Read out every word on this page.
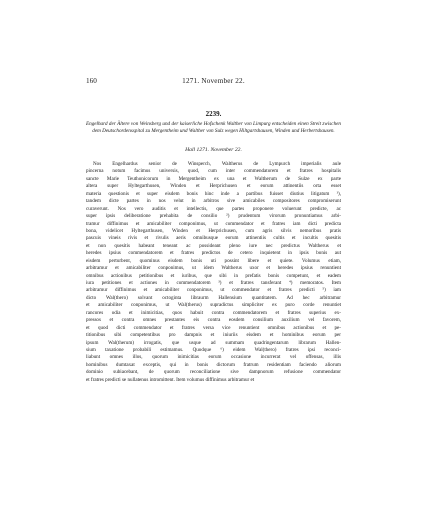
160	1271. November 22.
2239.

Engelhard der Ältere von Weinsberg und der kaiserliche Hofschenk Walther von Limpurg entscheiden einen Streit zwischen dem Deutschordensspital zu Mergentheim und Walther von Sulz wegen Hiltgartshausen, Winden und Herbertshausen.

Hall 1271. November 22.
Nos Engelhardus senior de Winsperch, Waltherus de Lympurch imperialis aule
pincerna notum facimus universis, quod, cum inter commendatorem et fratres hospitalis
sancte Marie Teuthonicorum in Mergentheim ex una et Waltherum de Sulze ex parte
altera super Hyltegarthusen, Winden et Herprichusen et eorum attinentiis orta esset
materia questionis et super eisdem bonis hinc inde a partibus fuisset diutius litigatum ¹),
tandem dicte partes in nos velut in arbitros sive amicabiles compositores compromiserunt
curaverunt. Nos vero auditis et intellectis, que partes proponere voluerunt predicte, ac
super ipsis deliberatione prehabita de consilio ²) prudentum virorum pronuntiamus arbi-
tramur diffinimus et amicabiliter componimus, ut commendator et fratres iam dicti predicta
bona, videlicet Hyltegarthusen, Winden et Herprichusen, cum agris silvis nemoribus pratis
pascuis vineis rivis et rivulis aeris omnibusque eorum attinentiis cultis et incultis quesitis
et non quesitis habeant teneant ac possideant pleno iure nec predictus Waltherus et
heredes ipsius commendatorem et fratres predictos de cetero inquietent in ipsis bonis aut
eisdem perturbent, quominus eisdem bonis uti possint libere et quiete. Volumus etiam,
arbitramur et amicabiliter conponimus, ut idem Waltherus uxor et heredes ipsius renuntient
omnibus actionibus petitionibus et iuribus, que sibi in prefatis bonis competunt, et eadem
iura petitiones et actiones in commendatorem ³) et fratres tansferant ⁴) memoratos. Item
arbitramur diffinimus et amicabiliter conponimus, ut commendator et fratres predicti ⁵) iam
dicto Wal(thero) solvant octoginta libraurm Hallensium quantitatem. Ad hec arbitramur
et amicabiliter conponimus, ut Wal(therus) supradictus simpliciter ex puro corde renuntiet
rancores odia et inimicitias, quos habuit contra commendatorem et fratres superius ex-
pressos et contra omnes prestantes eis contra eosdem consilium auxilium vel favorem,
et quod dicti commendator et fratres versa vice renuntient omnibus actionibus et pe-
titionibus sibi competentibus pro dampnis et iniuriis eisdem et hominibus eorum per
ipsum Wal(therum) irrogatis, que usque ad summam quadringentarum librarum Hallen-
sium taxatione probabili estimamus. Quodque ⁶) eidem Wal(thero) fratres ipsi reconci-
liabunt omnes illos, quorum inimicitias eorum occasione incurrerat vel offensas, illis
hominibus dumtaxat exceptis, qui in bonis dictorum fratrum residentiam faciendo aliorum
dominio subiacebant, de quorum reconciliatione sive dampnorum refusione commendator
et fratres predicti se nullatenus intromittent. Item volumus diffinimus arbitramur et
